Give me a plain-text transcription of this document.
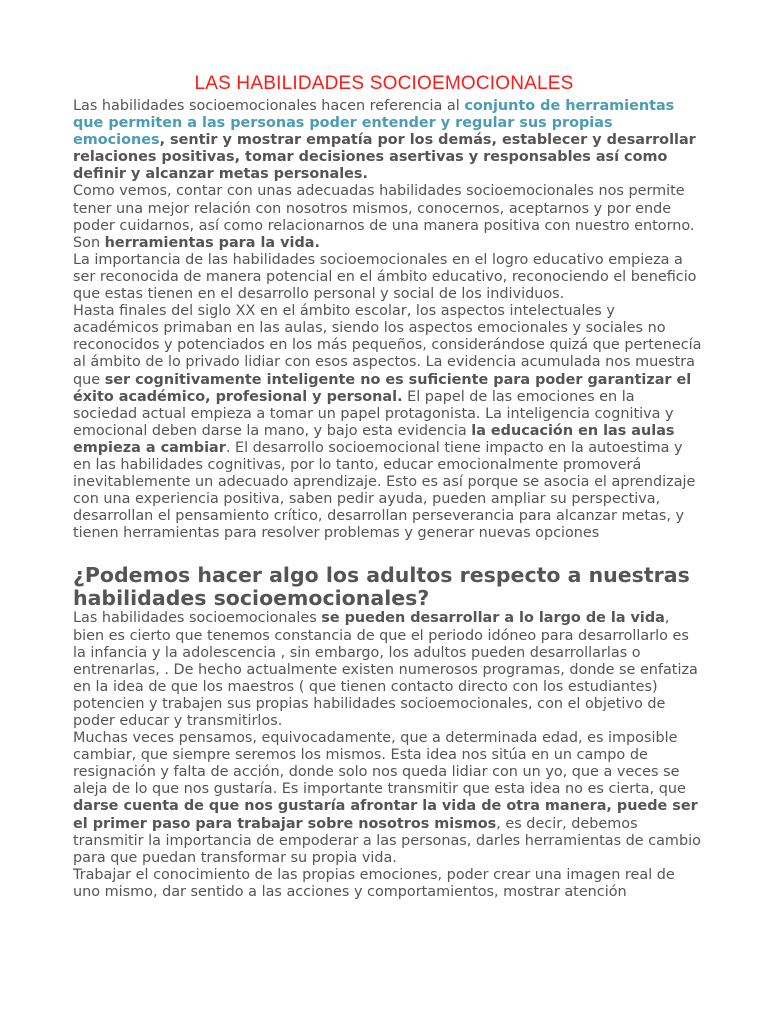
LAS HABILIDADES SOCIOEMOCIONALES

Las habilidades socioemocionales hacen referencia al conjunto de herramientas que permiten a las personas poder entender y regular sus propias emociones, sentir y mostrar empatía por los demás, establecer y desarrollar relaciones positivas, tomar decisiones asertivas y responsables así como definir y alcanzar metas personales.

Como vemos, contar con unas adecuadas habilidades socioemocionales nos permite tener una mejor relación con nosotros mismos, conocernos, aceptarnos y por ende poder cuidarnos, así como relacionarnos de una manera positiva con nuestro entorno. Son herramientas para la vida.

La importancia de las habilidades socioemocionales en el logro educativo empieza a ser reconocida de manera potencial en el ámbito educativo, reconociendo el beneficio que estas tienen en el desarrollo personal y social de los individuos.

Hasta finales del siglo XX en el ámbito escolar, los aspectos intelectuales y académicos primaban en las aulas, siendo los aspectos emocionales y sociales no reconocidos y potenciados en los más pequeños, considerándose quizá que pertenecía al ámbito de lo privado lidiar con esos aspectos. La evidencia acumulada nos muestra que ser cognitivamente inteligente no es suficiente para poder garantizar el éxito académico, profesional y personal. El papel de las emociones en la sociedad actual empieza a tomar un papel protagonista. La inteligencia cognitiva y emocional deben darse la mano, y bajo esta evidencia la educación en las aulas empieza a cambiar. El desarrollo socioemocional tiene impacto en la autoestima y en las habilidades cognitivas, por lo tanto, educar emocionalmente promoverá inevitablemente un adecuado aprendizaje. Esto es así porque se asocia el aprendizaje con una experiencia positiva, saben pedir ayuda, pueden ampliar su perspectiva, desarrollan el pensamiento crítico, desarrollan perseverancia para alcanzar metas, y tienen herramientas para resolver problemas y generar nuevas opciones

¿Podemos hacer algo los adultos respecto a nuestras habilidades socioemocionales?

Las habilidades socioemocionales se pueden desarrollar a lo largo de la vida, bien es cierto que tenemos constancia de que el periodo idóneo para desarrollarlo es la infancia y la adolescencia , sin embargo, los adultos pueden desarrollarlas o entrenarlas, . De hecho actualmente existen numerosos programas, donde se enfatiza en la idea de que los maestros ( que tienen contacto directo con los estudiantes) potencien y trabajen sus propias habilidades socioemocionales, con el objetivo de poder educar y transmitirlos.

Muchas veces pensamos, equivocadamente, que a determinada edad, es imposible cambiar, que siempre seremos los mismos. Esta idea nos sitúa en un campo de resignación y falta de acción, donde solo nos queda lidiar con un yo, que a veces se aleja de lo que nos gustaría. Es importante transmitir que esta idea no es cierta, que darse cuenta de que nos gustaría afrontar la vida de otra manera, puede ser el primer paso para trabajar sobre nosotros mismos, es decir, debemos transmitir la importancia de empoderar a las personas, darles herramientas de cambio para que puedan transformar su propia vida.

Trabajar el conocimiento de las propias emociones, poder crear una imagen real de uno mismo, dar sentido a las acciones y comportamientos, mostrar atención
